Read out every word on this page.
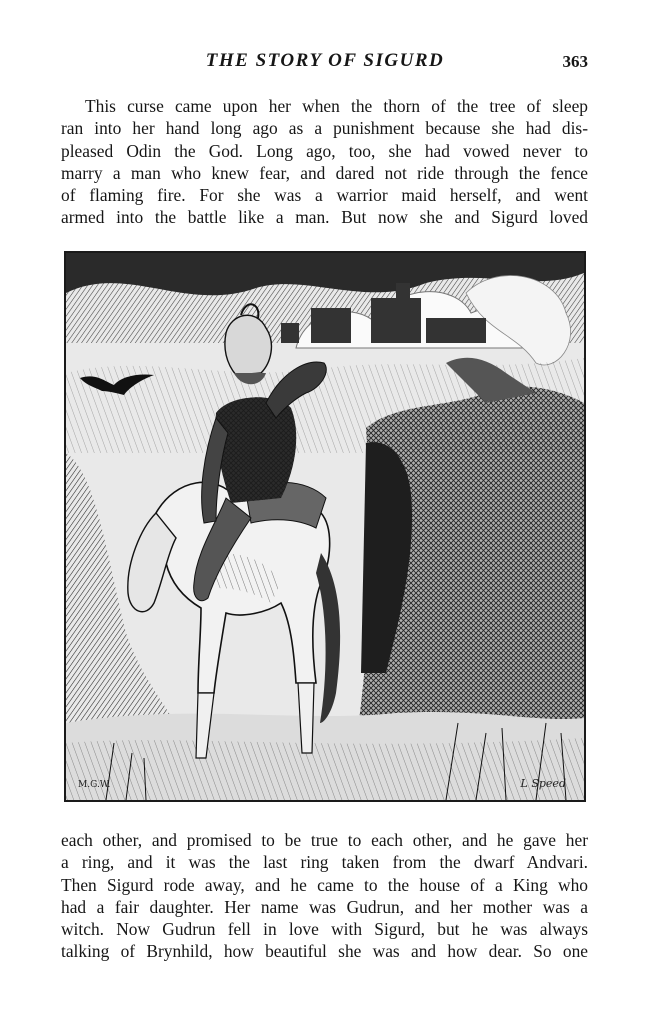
THE STORY OF SIGURD	363

This curse came upon her when the thorn of the tree of sleep
ran into her hand long ago as a punishment because she had dis-
pleased Odin the God. Long ago, too, she had vowed never to
marry a man who knew fear, and dared not ride through the fence
of flaming fire. For she was a warrior maid herself, and went
armed into the battle like a man. But now she and Sigurd loved

M.G.W.	L Speed

each other, and promised to be true to each other, and he gave her
a ring, and it was the last ring taken from the dwarf Andvari.
Then Sigurd rode away, and he came to the house of a King who
had a fair daughter. Her name was Gudrun, and her mother was a
witch. Now Gudrun fell in love with Sigurd, but he was always
talking of Brynhild, how beautiful she was and how dear. So one
